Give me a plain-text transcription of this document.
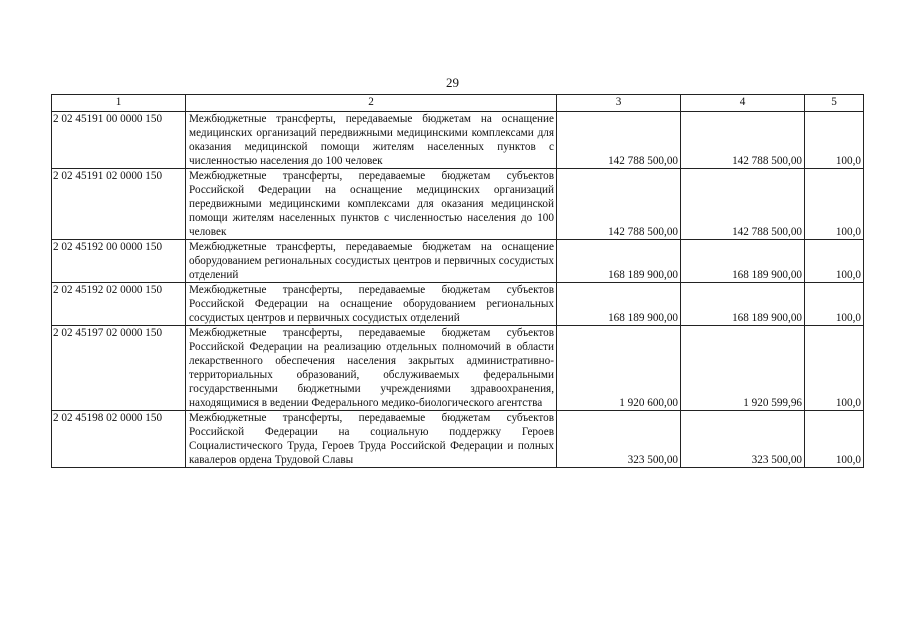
29
1	2	3	4	5
2 02 45191 00 0000 150	Межбюджетные трансферты, передаваемые бюджетам на оснащение медицинских организаций передвижными медицинскими комплексами для оказания медицинской помощи жителям населенных пунктов с численностью населения до 100 человек	142 788 500,00	142 788 500,00	100,0
2 02 45191 02 0000 150	Межбюджетные трансферты, передаваемые бюджетам субъектов Российской Федерации на оснащение медицинских организаций передвижными медицинскими комплексами для оказания медицинской помощи жителям населенных пунктов с численностью населения до 100 человек	142 788 500,00	142 788 500,00	100,0
2 02 45192 00 0000 150	Межбюджетные трансферты, передаваемые бюджетам на оснащение оборудованием региональных сосудистых центров и первичных сосудистых отделений	168 189 900,00	168 189 900,00	100,0
2 02 45192 02 0000 150	Межбюджетные трансферты, передаваемые бюджетам субъектов Российской Федерации на оснащение оборудованием региональных сосудистых центров и первичных сосудистых отделений	168 189 900,00	168 189 900,00	100,0
2 02 45197 02 0000 150	Межбюджетные трансферты, передаваемые бюджетам субъектов Российской Федерации на реализацию отдельных полномочий в области лекарственного обеспечения населения закрытых административно-территориальных образований, обслуживаемых федеральными государственными бюджетными учреждениями здравоохранения, находящимися в ведении Федерального медико-биологического агентства	1 920 600,00	1 920 599,96	100,0
2 02 45198 02 0000 150	Межбюджетные трансферты, передаваемые бюджетам субъектов Российской Федерации на социальную поддержку Героев Социалистического Труда, Героев Труда Российской Федерации и полных кавалеров ордена Трудовой Славы	323 500,00	323 500,00	100,0
